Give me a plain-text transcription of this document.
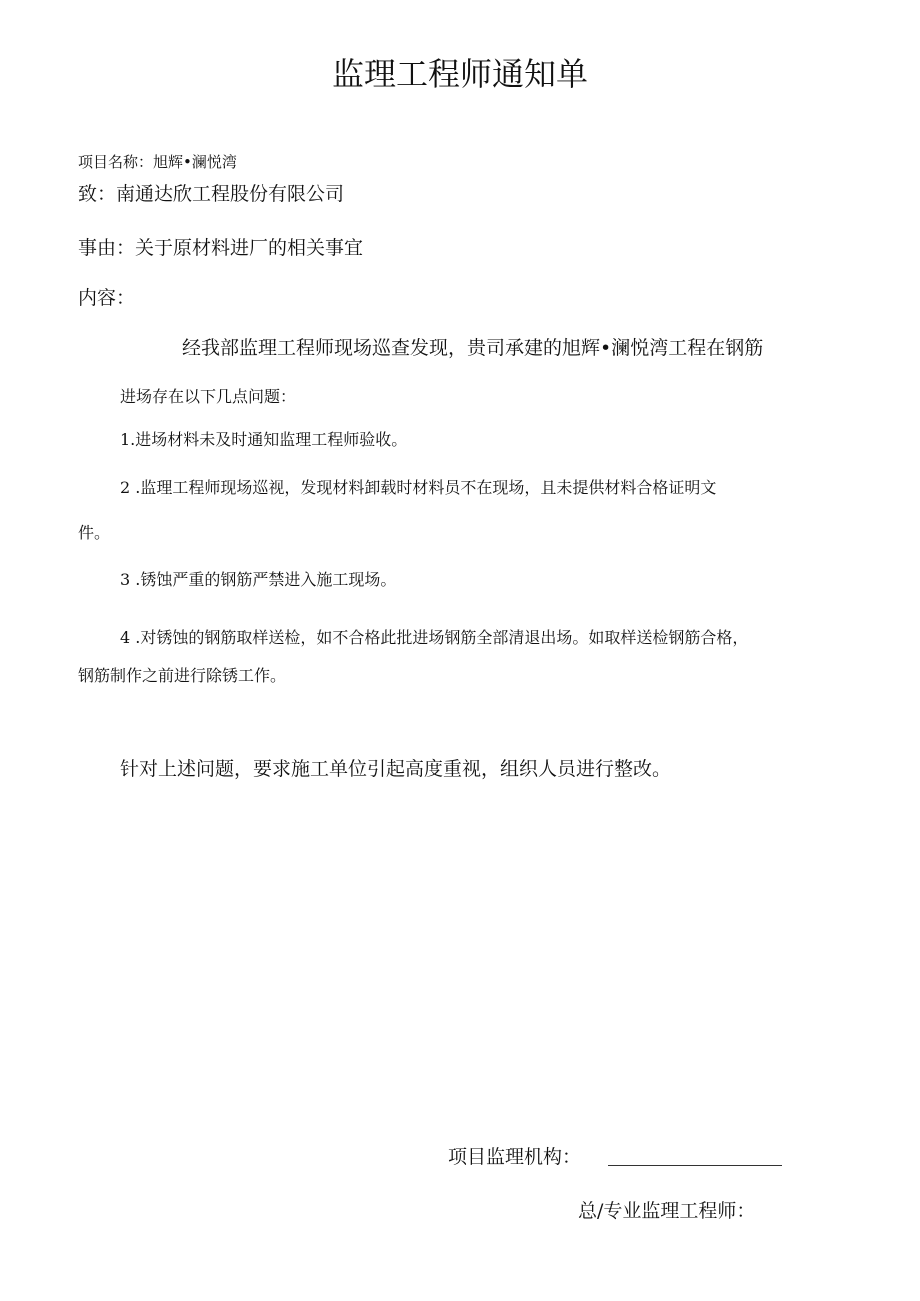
监理工程师通知单
项目名称：旭辉•澜悦湾
致：南通达欣工程股份有限公司
事由：关于原材料进厂的相关事宜
内容：
经我部监理工程师现场巡查发现，贵司承建的旭辉•澜悦湾工程在钢筋
进场存在以下几点问题：
1.进场材料未及时通知监理工程师验收。
2 .监理工程师现场巡视，发现材料卸载时材料员不在现场，且未提供材料合格证明文
件。
3 .锈蚀严重的钢筋严禁进入施工现场。
4 .对锈蚀的钢筋取样送检，如不合格此批进场钢筋全部清退出场。如取样送检钢筋合格，
钢筋制作之前进行除锈工作。
针对上述问题，要求施工单位引起高度重视，组织人员进行整改。
项目监理机构：
总/专业监理工程师：
